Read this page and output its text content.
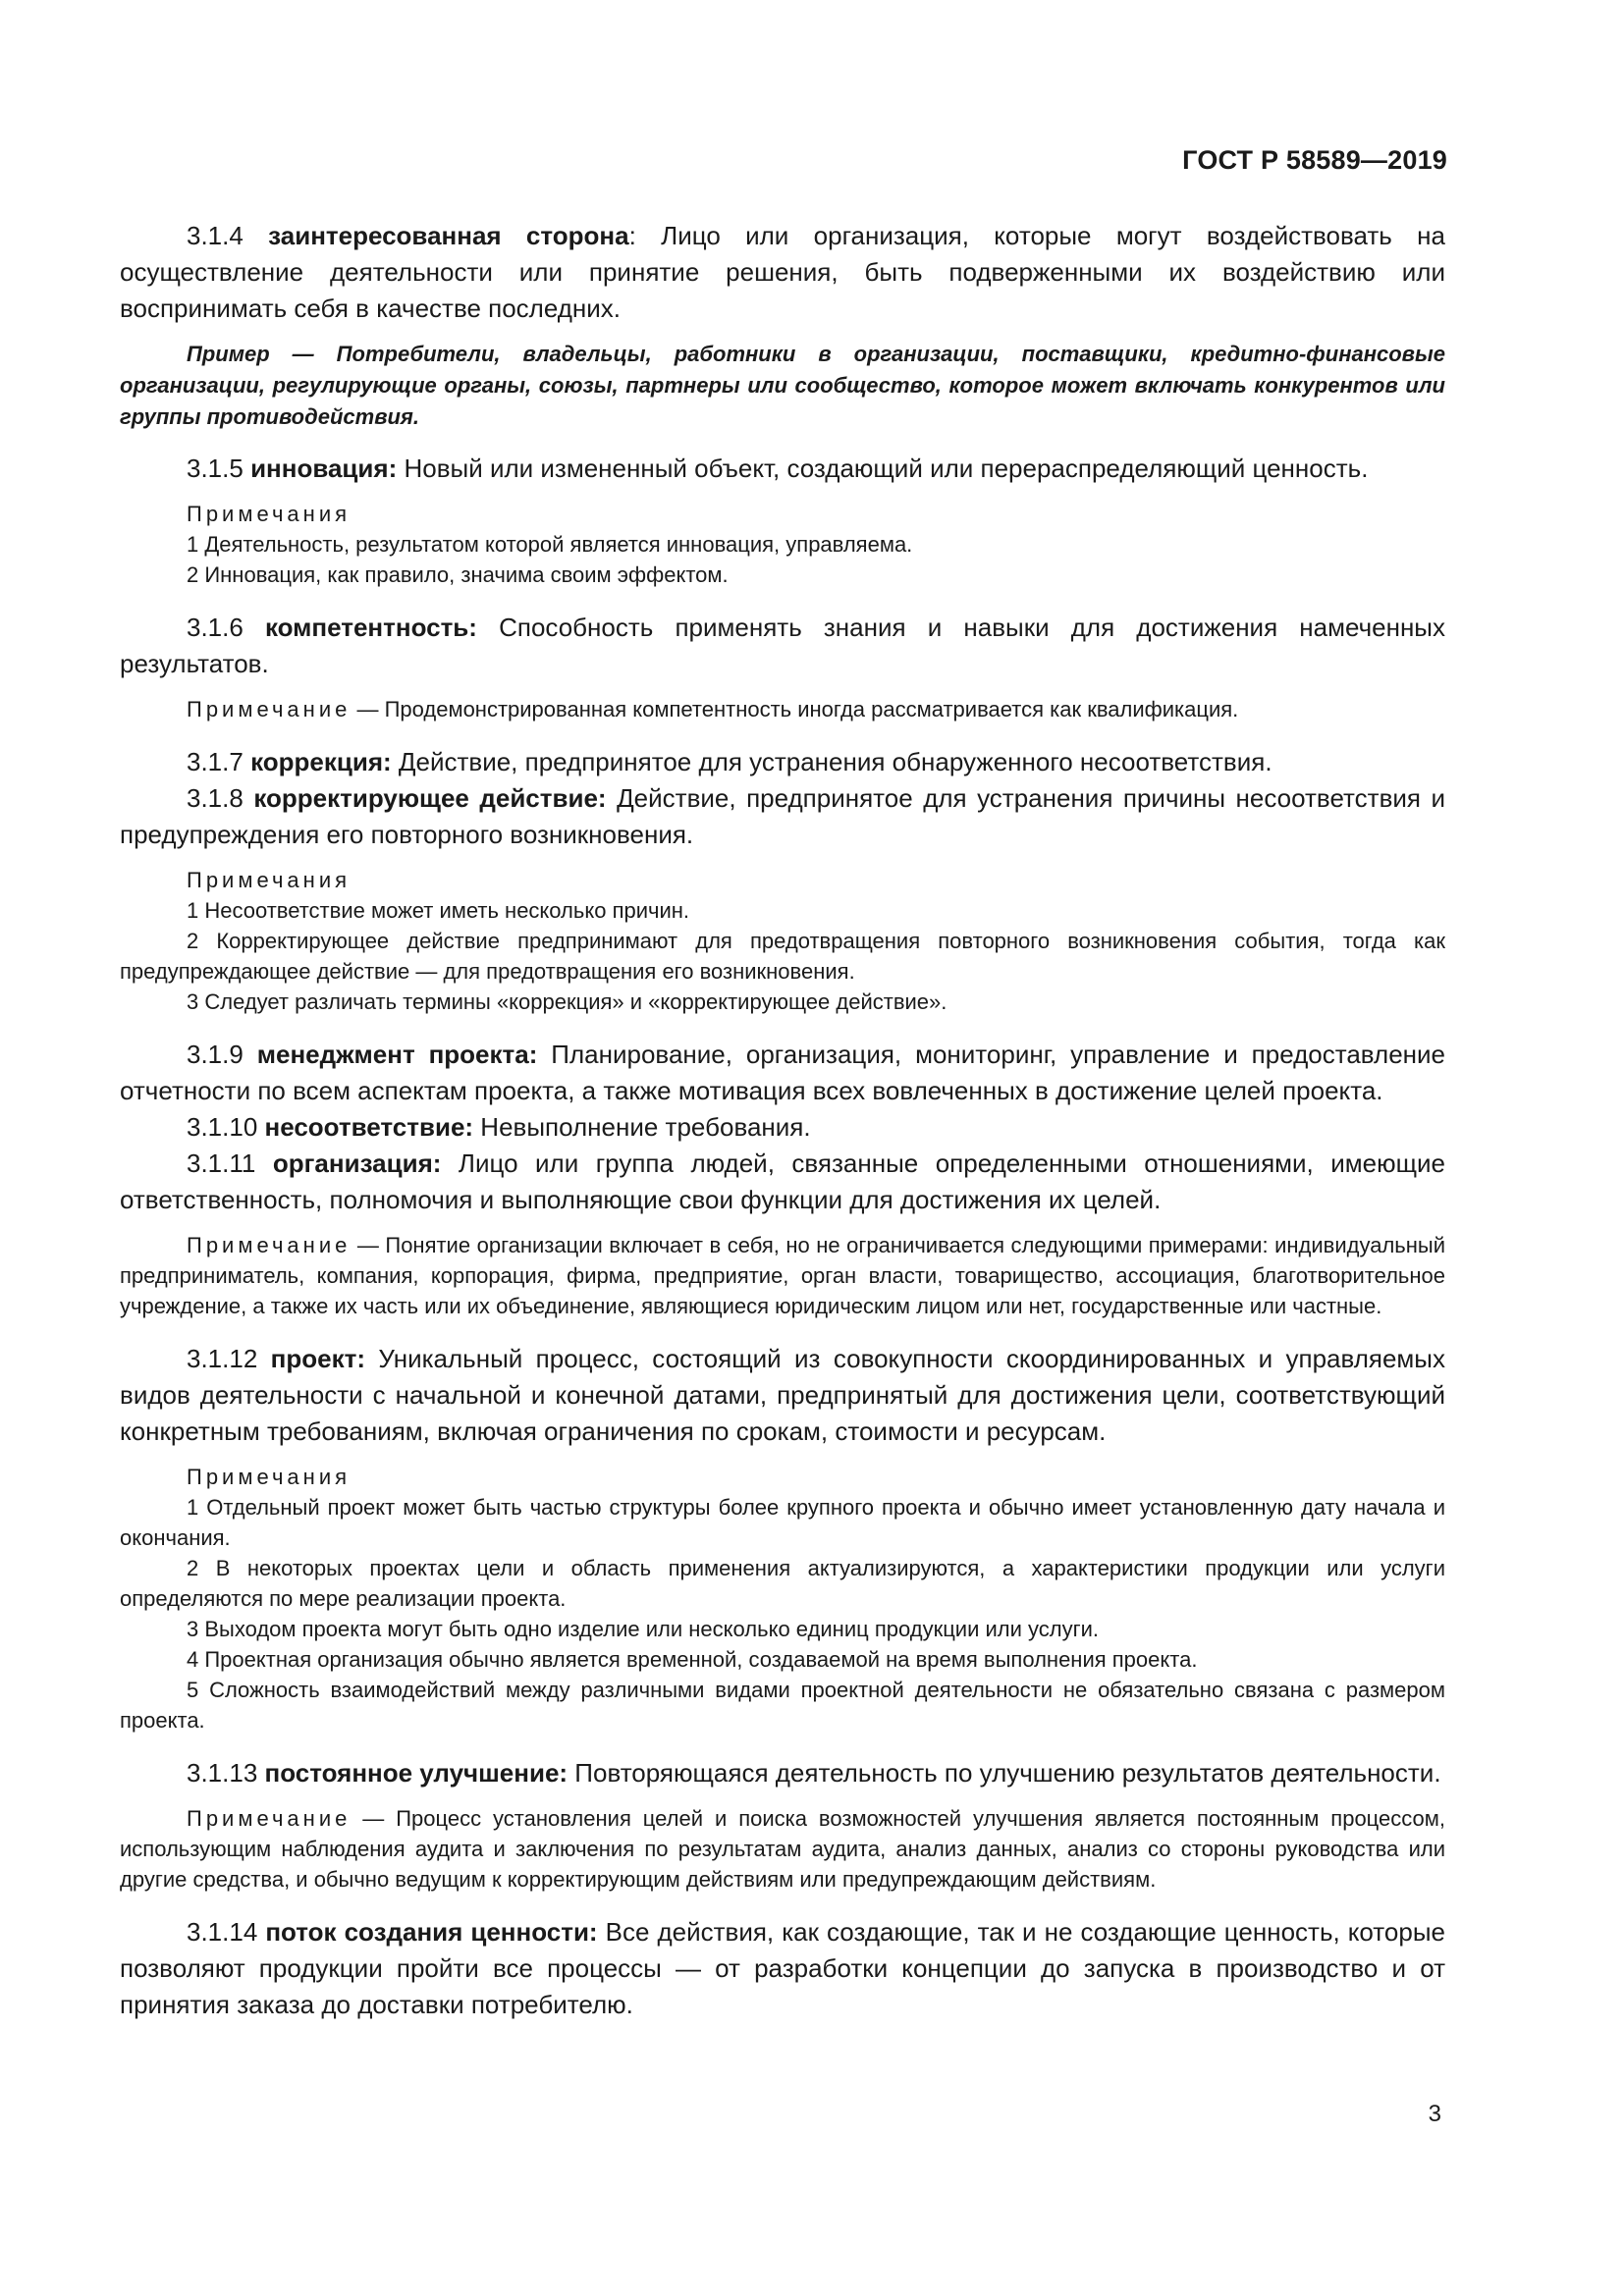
ГОСТ Р 58589—2019

3.1.4 заинтересованная сторона: Лицо или организация, которые могут воздействовать на осуществление деятельности или принятие решения, быть подверженными их воздействию или воспринимать себя в качестве последних.

Пример — Потребители, владельцы, работники в организации, поставщики, кредитно-финансовые организации, регулирующие органы, союзы, партнеры или сообщество, которое может включать конкурентов или группы противодействия.

3.1.5 инновация: Новый или измененный объект, создающий или перераспределяющий ценность.

Примечания
1 Деятельность, результатом которой является инновация, управляема.
2 Инновация, как правило, значима своим эффектом.

3.1.6 компетентность: Способность применять знания и навыки для достижения намеченных результатов.

Примечание — Продемонстрированная компетентность иногда рассматривается как квалификация.

3.1.7 коррекция: Действие, предпринятое для устранения обнаруженного несоответствия.

3.1.8 корректирующее действие: Действие, предпринятое для устранения причины несоответствия и предупреждения его повторного возникновения.

Примечания
1 Несоответствие может иметь несколько причин.
2 Корректирующее действие предпринимают для предотвращения повторного возникновения события, тогда как предупреждающее действие — для предотвращения его возникновения.
3 Следует различать термины «коррекция» и «корректирующее действие».

3.1.9 менеджмент проекта: Планирование, организация, мониторинг, управление и предоставление отчетности по всем аспектам проекта, а также мотивация всех вовлеченных в достижение целей проекта.

3.1.10 несоответствие: Невыполнение требования.

3.1.11 организация: Лицо или группа людей, связанные определенными отношениями, имеющие ответственность, полномочия и выполняющие свои функции для достижения их целей.

Примечание — Понятие организации включает в себя, но не ограничивается следующими примерами: индивидуальный предприниматель, компания, корпорация, фирма, предприятие, орган власти, товарищество, ассоциация, благотворительное учреждение, а также их часть или их объединение, являющиеся юридическим лицом или нет, государственные или частные.

3.1.12 проект: Уникальный процесс, состоящий из совокупности скоординированных и управляемых видов деятельности с начальной и конечной датами, предпринятый для достижения цели, соответствующий конкретным требованиям, включая ограничения по срокам, стоимости и ресурсам.

Примечания
1 Отдельный проект может быть частью структуры более крупного проекта и обычно имеет установленную дату начала и окончания.
2 В некоторых проектах цели и область применения актуализируются, а характеристики продукции или услуги определяются по мере реализации проекта.
3 Выходом проекта могут быть одно изделие или несколько единиц продукции или услуги.
4 Проектная организация обычно является временной, создаваемой на время выполнения проекта.
5 Сложность взаимодействий между различными видами проектной деятельности не обязательно связана с размером проекта.

3.1.13 постоянное улучшение: Повторяющаяся деятельность по улучшению результатов деятельности.

Примечание — Процесс установления целей и поиска возможностей улучшения является постоянным процессом, использующим наблюдения аудита и заключения по результатам аудита, анализ данных, анализ со стороны руководства или другие средства, и обычно ведущим к корректирующим действиям или предупреждающим действиям.

3.1.14 поток создания ценности: Все действия, как создающие, так и не создающие ценность, которые позволяют продукции пройти все процессы — от разработки концепции до запуска в производство и от принятия заказа до доставки потребителю.

3
